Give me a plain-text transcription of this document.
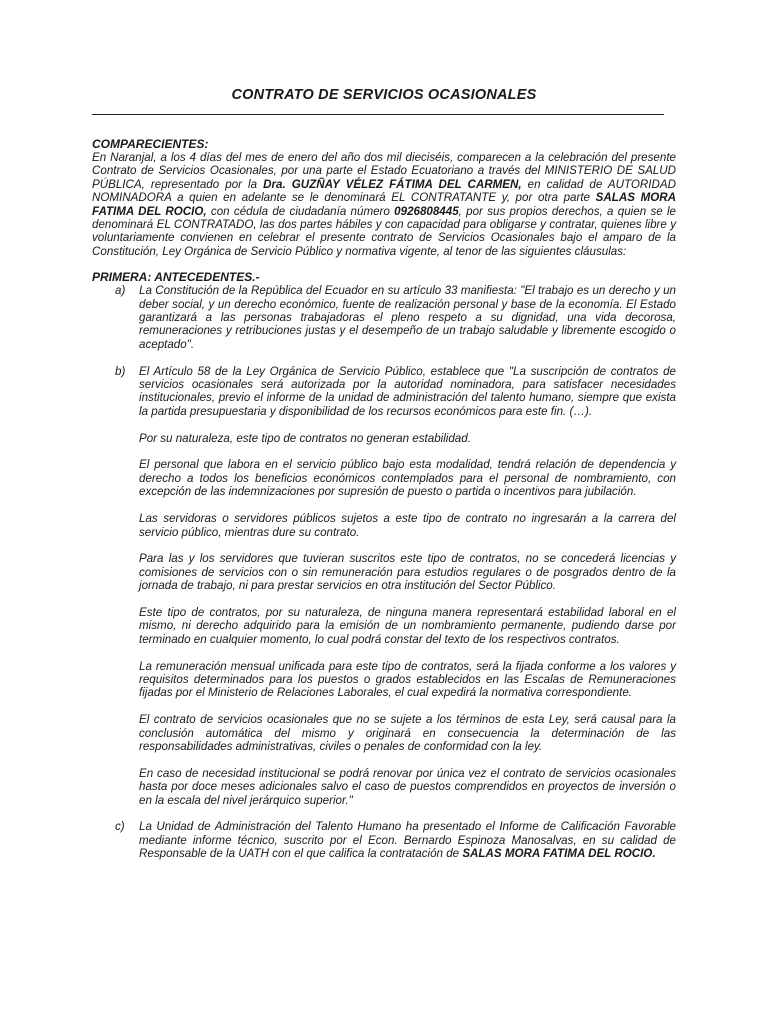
CONTRATO DE SERVICIOS OCASIONALES

COMPARECIENTES:

En Naranjal, a los 4 días del mes de enero del año dos mil dieciséis, comparecen a la celebración del presente Contrato de Servicios Ocasionales, por una parte el Estado Ecuatoriano a través del MINISTERIO DE SALUD PÚBLICA, representado por la Dra. GUZÑAY VÉLEZ FÁTIMA DEL CARMEN, en calidad de AUTORIDAD NOMINADORA a quien en adelante se le denominará EL CONTRATANTE y, por otra parte SALAS MORA FATIMA DEL ROCIO, con cédula de ciudadanía número 0926808445, por sus propios derechos, a quien se le denominará EL CONTRATADO, las dos partes hábiles y con capacidad para obligarse y contratar, quienes libre y voluntariamente convienen en celebrar el presente contrato de Servicios Ocasionales bajo el amparo de la Constitución, Ley Orgánica de Servicio Público y normativa vigente, al tenor de las siguientes cláusulas:

PRIMERA: ANTECEDENTES.-

a)	La Constitución de la República del Ecuador en su artículo 33 manifiesta: "El trabajo es un derecho y un deber social, y un derecho económico, fuente de realización personal y base de la economía. El Estado garantizará a las personas trabajadoras el pleno respeto a su dignidad, una vida decorosa, remuneraciones y retribuciones justas y el desempeño de un trabajo saludable y libremente escogido o aceptado".

b)	El Artículo 58 de la Ley Orgánica de Servicio Público, establece que "La suscripción de contratos de servicios ocasionales será autorizada por la autoridad nominadora, para satisfacer necesidades institucionales, previo el informe de la unidad de administración del talento humano, siempre que exista la partida presupuestaria y disponibilidad de los recursos económicos para este fin. (…).

Por su naturaleza, este tipo de contratos no generan estabilidad.

El personal que labora en el servicio público bajo esta modalidad, tendrá relación de dependencia y derecho a todos los beneficios económicos contemplados para el personal de nombramiento, con excepción de las indemnizaciones por supresión de puesto o partida o incentivos para jubilación.

Las servidoras o servidores públicos sujetos a este tipo de contrato no ingresarán a la carrera del servicio público, mientras dure su contrato.

Para las y los servidores que tuvieran suscritos este tipo de contratos, no se concederá licencias y comisiones de servicios con o sin remuneración para estudios regulares o de posgrados dentro de la jornada de trabajo, ni para prestar servicios en otra institución del Sector Público.

Este tipo de contratos, por su naturaleza, de ninguna manera representará estabilidad laboral en el mismo, ni derecho adquirido para la emisión de un nombramiento permanente, pudiendo darse por terminado en cualquier momento, lo cual podrá constar del texto de los respectivos contratos.

La remuneración mensual unificada para este tipo de contratos, será la fijada conforme a los valores y requisitos determinados para los puestos o grados establecidos en las Escalas de Remuneraciones fijadas por el Ministerio de Relaciones Laborales, el cual expedirá la normativa correspondiente.

El contrato de servicios ocasionales que no se sujete a los términos de esta Ley, será causal para la conclusión automática del mismo y originará en consecuencia la determinación de las responsabilidades administrativas, civiles o penales de conformidad con la ley.

En caso de necesidad institucional se podrá renovar por única vez el contrato de servicios ocasionales hasta por doce meses adicionales salvo el caso de puestos comprendidos en proyectos de inversión o en la escala del nivel jerárquico superior."

c)	La Unidad de Administración del Talento Humano ha presentado el Informe de Calificación Favorable mediante informe técnico, suscrito por el Econ. Bernardo Espinoza Manosalvas, en su calidad de Responsable de la UATH con el que califica la contratación de SALAS MORA FATIMA DEL ROCIO.
